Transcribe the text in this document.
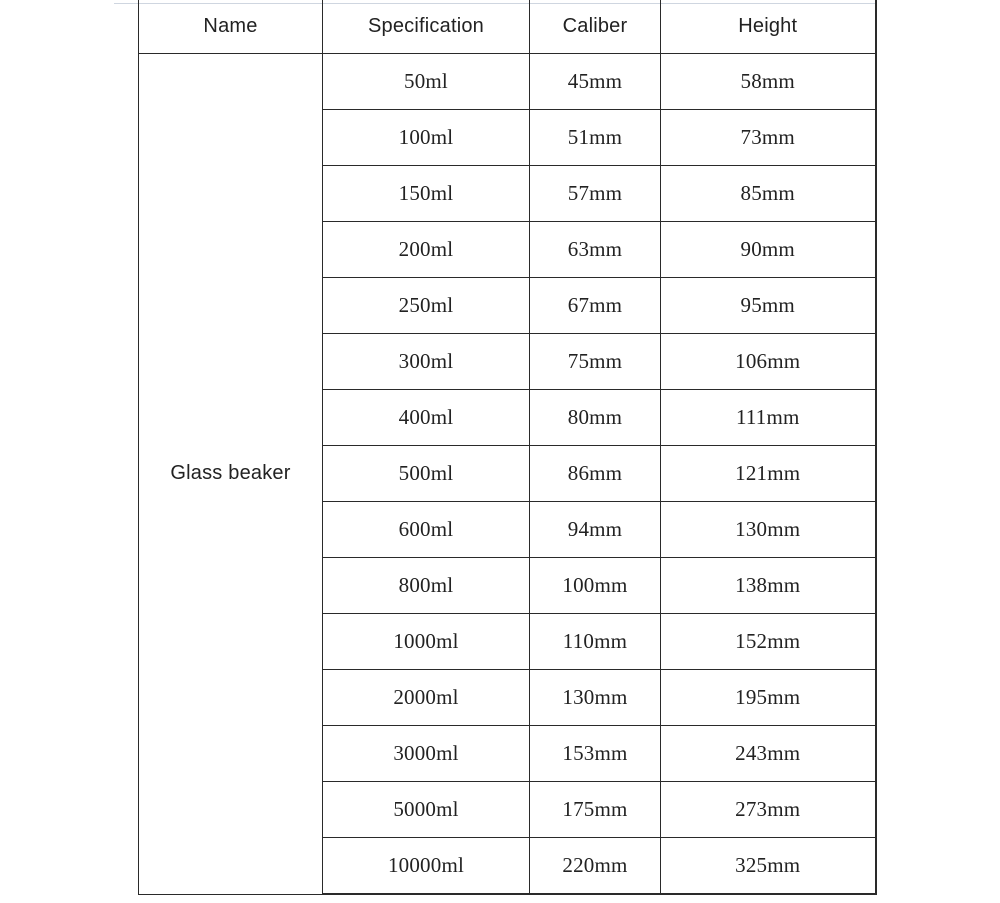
Name	Specification	Caliber	Height
Glass beaker	50ml	45mm	58mm
	100ml	51mm	73mm
	150ml	57mm	85mm
	200ml	63mm	90mm
	250ml	67mm	95mm
	300ml	75mm	106mm
	400ml	80mm	111mm
	500ml	86mm	121mm
	600ml	94mm	130mm
	800ml	100mm	138mm
	1000ml	110mm	152mm
	2000ml	130mm	195mm
	3000ml	153mm	243mm
	5000ml	175mm	273mm
	10000ml	220mm	325mm
